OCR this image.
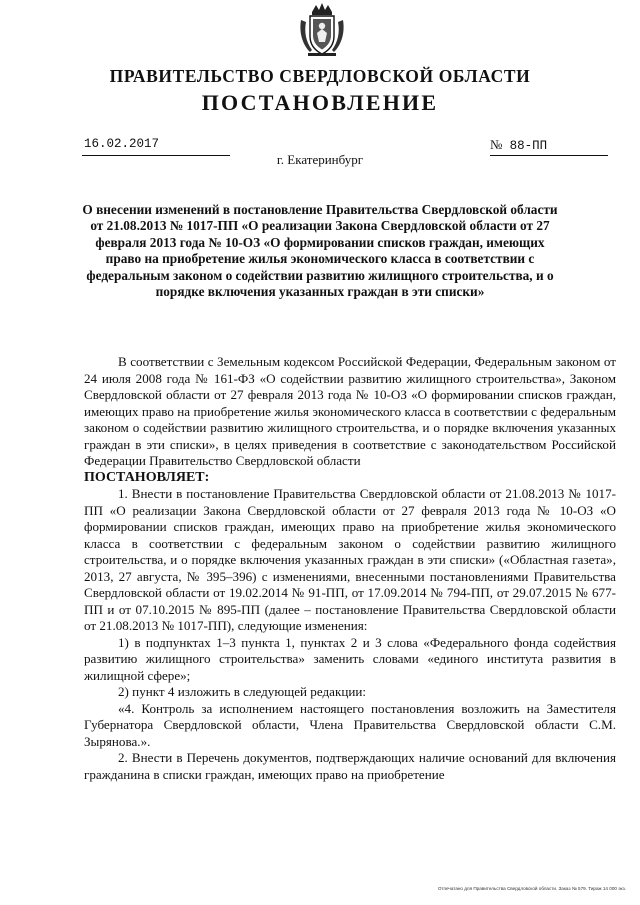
ПРАВИТЕЛЬСТВО СВЕРДЛОВСКОЙ ОБЛАСТИ
ПОСТАНОВЛЕНИЕ
16.02.2017	№ 88-ПП

г. Екатеринбург

О внесении изменений в постановление Правительства Свердловской области от 21.08.2013 № 1017-ПП «О реализации Закона Свердловской области от 27 февраля 2013 года № 10-ОЗ «О формировании списков граждан, имеющих право на приобретение жилья экономического класса в соответствии с федеральным законом о содействии развитию жилищного строительства, и о порядке включения указанных граждан в эти списки»

В соответствии с Земельным кодексом Российской Федерации, Федеральным законом от 24 июля 2008 года № 161-ФЗ «О содействии развитию жилищного строительства», Законом Свердловской области от 27 февраля 2013 года № 10-ОЗ «О формировании списков граждан, имеющих право на приобретение жилья экономического класса в соответствии с федеральным законом о содействии развитию жилищного строительства, и о порядке включения указанных граждан в эти списки», в целях приведения в соответствие с законодательством Российской Федерации Правительство Свердловской области

ПОСТАНОВЛЯЕТ:

1. Внести в постановление Правительства Свердловской области от 21.08.2013 № 1017-ПП «О реализации Закона Свердловской области от 27 февраля 2013 года № 10-ОЗ «О формировании списков граждан, имеющих право на приобретение жилья экономического класса в соответствии с федеральным законом о содействии развитию жилищного строительства, и о порядке включения указанных граждан в эти списки» («Областная газета», 2013, 27 августа, № 395–396) с изменениями, внесенными постановлениями Правительства Свердловской области от 19.02.2014 № 91-ПП, от 17.09.2014 № 794-ПП, от 29.07.2015 № 677-ПП и от 07.10.2015 № 895-ПП (далее – постановление Правительства Свердловской области от 21.08.2013 № 1017-ПП), следующие изменения:

1) в подпунктах 1–3 пункта 1, пунктах 2 и 3 слова «Федерального фонда содействия развитию жилищного строительства» заменить словами «единого института развития в жилищной сфере»;

2) пункт 4 изложить в следующей редакции:

«4. Контроль за исполнением настоящего постановления возложить на Заместителя Губернатора Свердловской области, Члена Правительства Свердловской области С.М. Зырянова.».

2. Внести в Перечень документов, подтверждающих наличие оснований для включения гражданина в списки граждан, имеющих право на приобретение

Отпечатано для Правительства Свердловской области. Заказ № 579. Тираж 14 000 экз.
